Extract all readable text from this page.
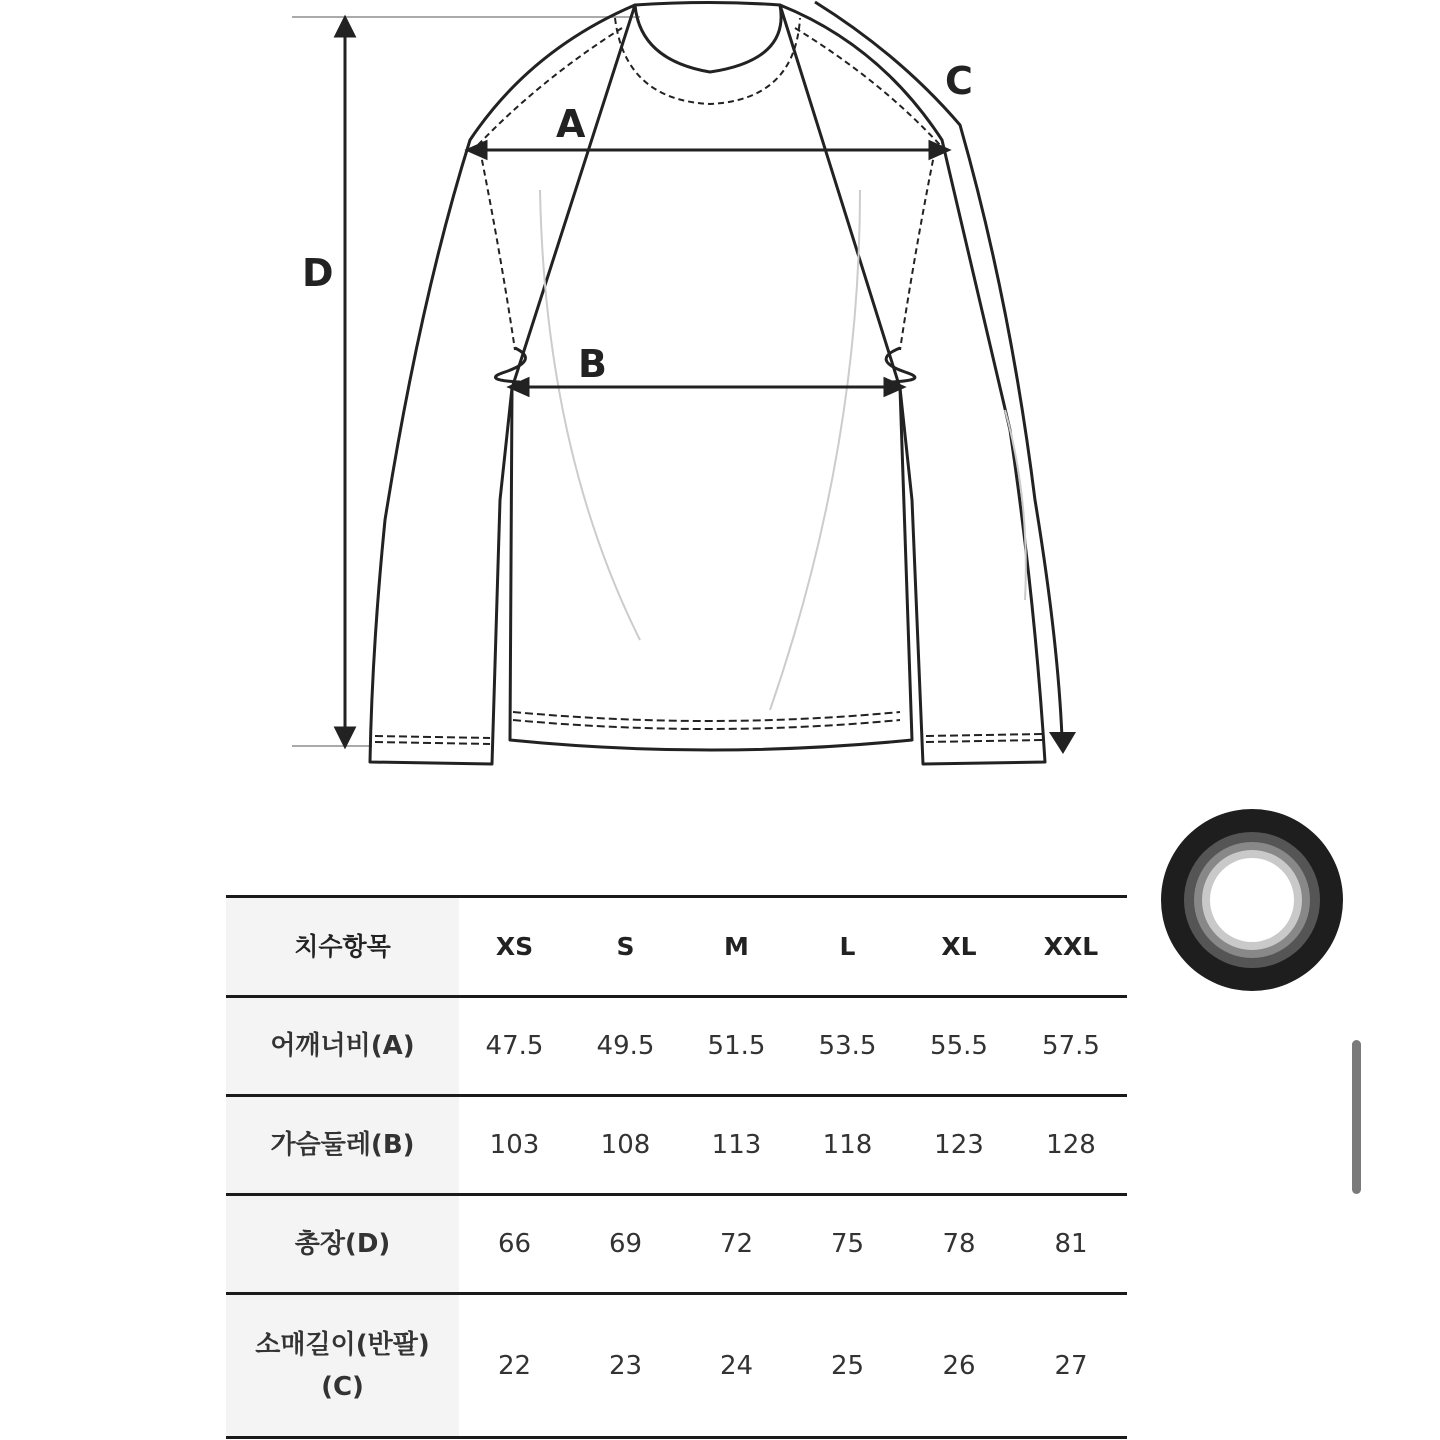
A
B
C
D
치수항목	XS	S	M	L	XL	XXL
어깨너비(A)	47.5	49.5	51.5	53.5	55.5	57.5
가슴둘레(B)	103	108	113	118	123	128
총장(D)	66	69	72	75	78	81

소매길이(반팔)
(C)	22	23	24	25	26	27
